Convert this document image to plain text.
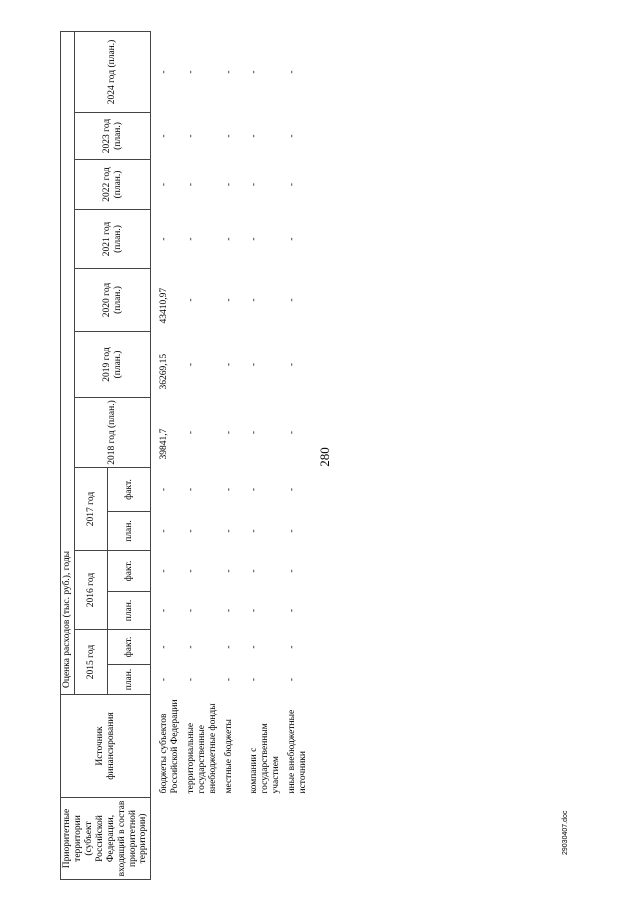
280
Приоритетные территории (субъект Российской Федерации, входящий в состав приоритетной территории)	Источник финансирования	Оценка расходов (тыс. руб.), годы												
		2015 год		2016 год		2017 год		2018 год (план.)	2019 год (план.)	2020 год (план.)	2021 год (план.)	2022 год (план.)	2023 год (план.)	2024 год (план.)
		план.	факт.	план.	факт.	план.	факт.							
	бюджеты субъектов Российской Федерации	-	-	-	-	-	-	39841,7	36269,15	43410,97	-	-	-	-
	территориальные государственные внебюджетные фонды	-	-	-	-	-	-	-	-	-	-	-	-	-
	местные бюджеты	-	-	-	-	-	-	-	-	-	-	-	-	-
	компании с государственным участием	-	-	-	-	-	-	-	-	-	-	-	-	-
	иные внебюджетные источники	-	-	-	-	-	-	-	-	-	-	-	-	-
29030407.doc
